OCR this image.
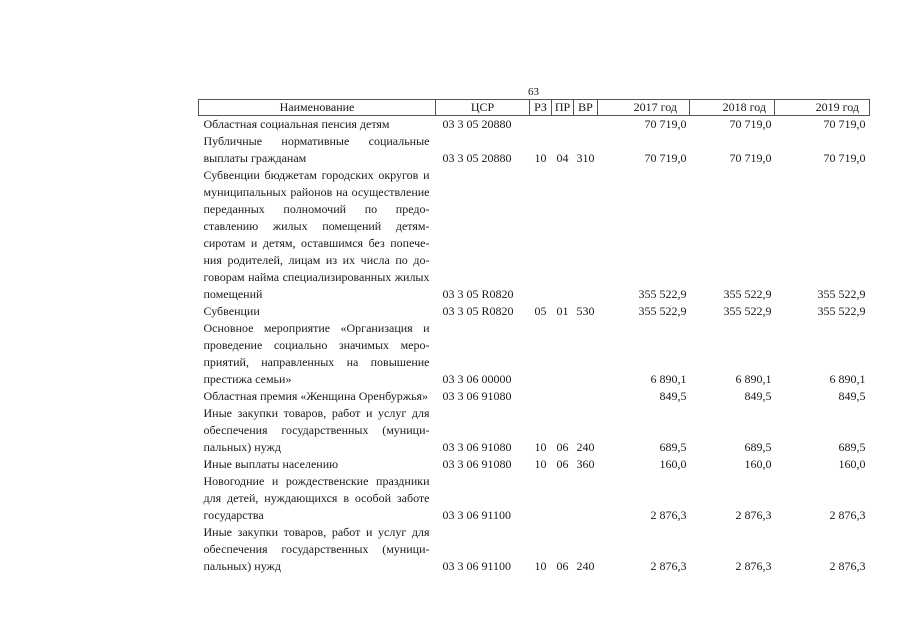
63
Наименование	ЦСР	РЗ	ПР	ВР	2017 год	2018 год	2019 год
Областная социальная пенсия детям	03 3 05 20880				70 719,0	70 719,0	70 719,0
Публичные нормативные социальные выплаты гражданам	03 3 05 20880	10	04	310	70 719,0	70 719,0	70 719,0
Субвенции бюджетам городских округов и муниципальных районов на осуществление переданных полномочий по предоставлению жилых помещений детям-сиротам и детям, оставшимся без попечения родителей, лицам из их числа по договорам найма специализированных жилых помещений	03 3 05 R0820				355 522,9	355 522,9	355 522,9
Субвенции	03 3 05 R0820	05	01	530	355 522,9	355 522,9	355 522,9
Основное мероприятие «Организация и проведение социально значимых мероприятий, направленных на повышение престижа семьи»	03 3 06 00000				6 890,1	6 890,1	6 890,1
Областная премия «Женщина Оренбуржья»	03 3 06 91080				849,5	849,5	849,5
Иные закупки товаров, работ и услуг для обеспечения государственных (муниципальных) нужд	03 3 06 91080	10	06	240	689,5	689,5	689,5
Иные выплаты населению	03 3 06 91080	10	06	360	160,0	160,0	160,0
Новогодние и рождественские праздники для детей, нуждающихся в особой заботе государства	03 3 06 91100				2 876,3	2 876,3	2 876,3
Иные закупки товаров, работ и услуг для обеспечения государственных (муниципальных) нужд	03 3 06 91100	10	06	240	2 876,3	2 876,3	2 876,3
